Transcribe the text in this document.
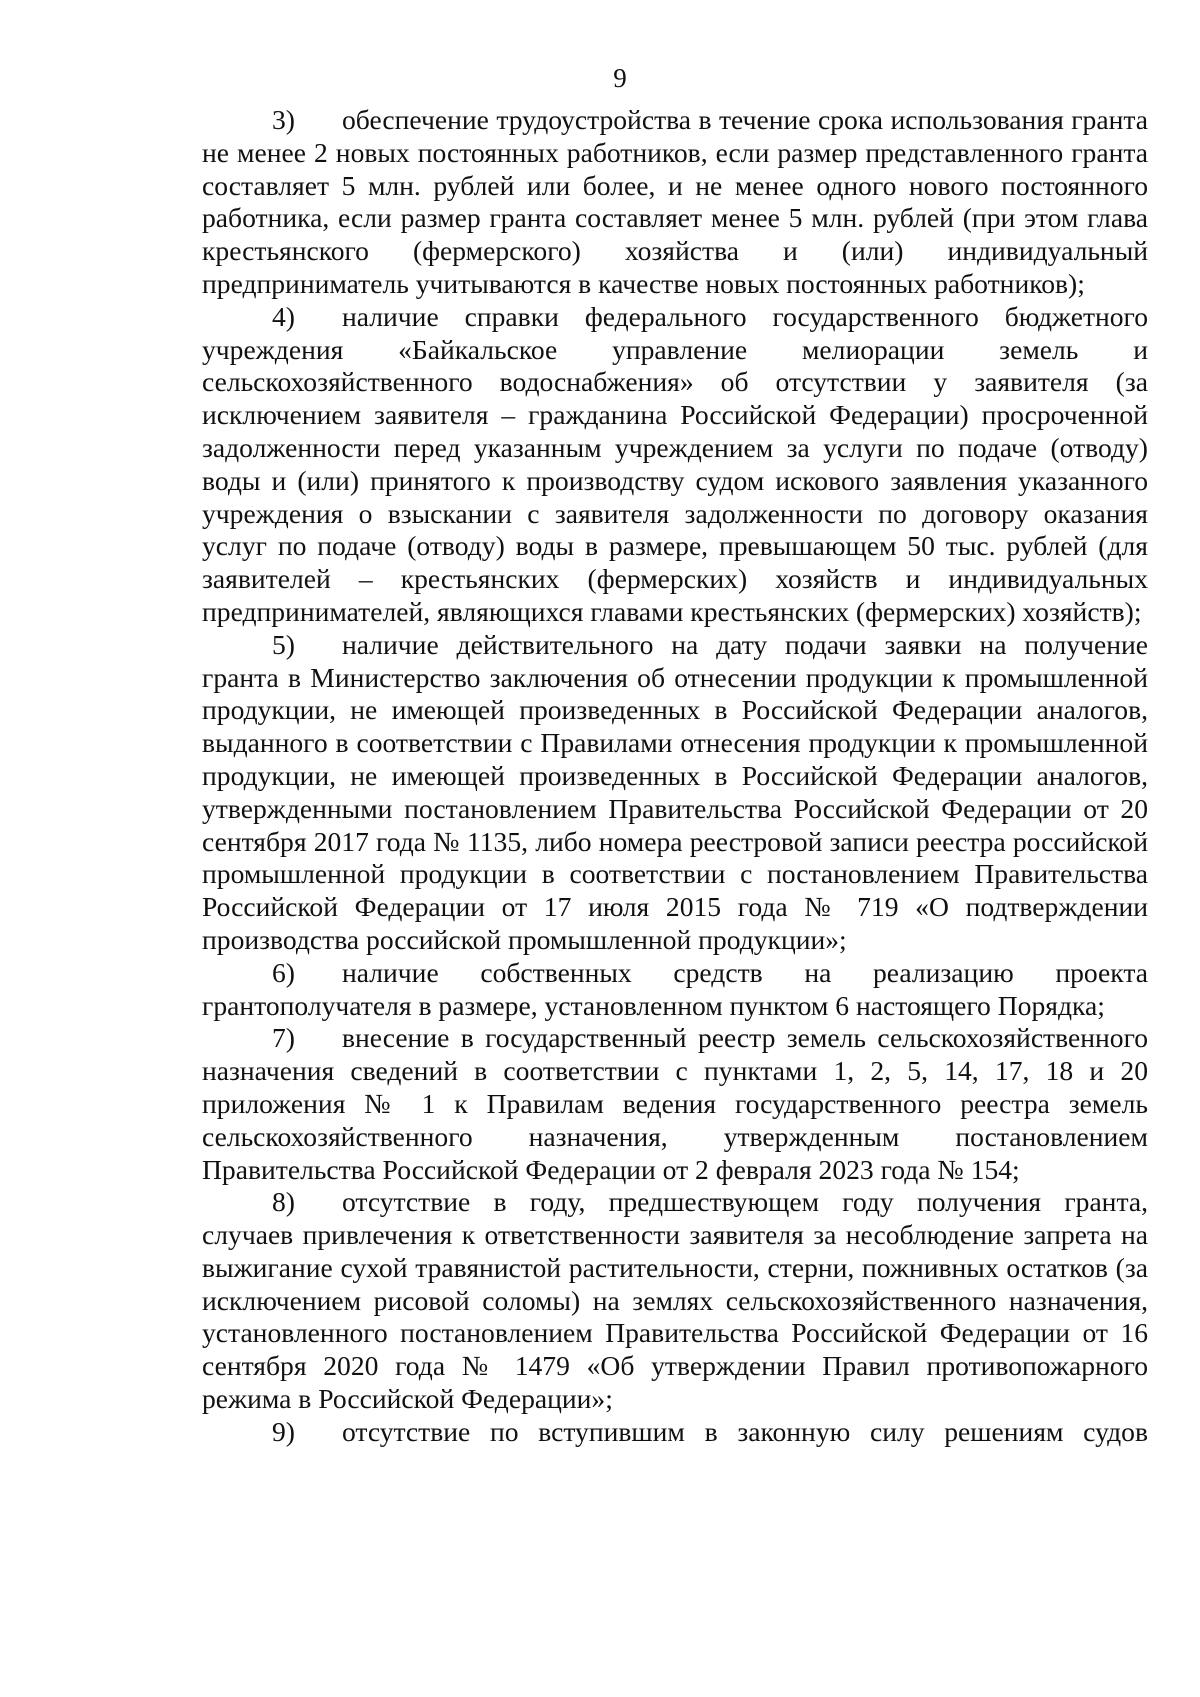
9

3) обеспечение трудоустройства в течение срока использования гранта не менее 2 новых постоянных работников, если размер представленного гранта составляет 5 млн. рублей или более, и не менее одного нового постоянного работника, если размер гранта составляет менее 5 млн. рублей (при этом глава крестьянского (фермерского) хозяйства и (или) индивидуальный предприниматель учитываются в качестве новых постоянных работников);

4) наличие справки федерального государственного бюджетного учреждения «Байкальское управление мелиорации земель и сельскохозяйственного водоснабжения» об отсутствии у заявителя (за исключением заявителя – гражданина Российской Федерации) просроченной задолженности перед указанным учреждением за услуги по подаче (отводу) воды и (или) принятого к производству судом искового заявления указанного учреждения о взыскании с заявителя задолженности по договору оказания услуг по подаче (отводу) воды в размере, превышающем 50 тыс. рублей (для заявителей – крестьянских (фермерских) хозяйств и индивидуальных предпринимателей, являющихся главами крестьянских (фермерских) хозяйств);

5) наличие действительного на дату подачи заявки на получение гранта в Министерство заключения об отнесении продукции к промышленной продукции, не имеющей произведенных в Российской Федерации аналогов, выданного в соответствии с Правилами отнесения продукции к промышленной продукции, не имеющей произведенных в Российской Федерации аналогов, утвержденными постановлением Правительства Российской Федерации от 20 сентября 2017 года № 1135, либо номера реестровой записи реестра российской промышленной продукции в соответствии с постановлением Правительства Российской Федерации от 17 июля 2015 года № 719 «О подтверждении производства российской промышленной продукции»;

6) наличие собственных средств на реализацию проекта грантополучателя в размере, установленном пунктом 6 настоящего Порядка;

7) внесение в государственный реестр земель сельскохозяйственного назначения сведений в соответствии с пунктами 1, 2, 5, 14, 17, 18 и 20 приложения № 1 к Правилам ведения государственного реестра земель сельскохозяйственного назначения, утвержденным постановлением Правительства Российской Федерации от 2 февраля 2023 года № 154;

8) отсутствие в году, предшествующем году получения гранта, случаев привлечения к ответственности заявителя за несоблюдение запрета на выжигание сухой травянистой растительности, стерни, пожнивных остатков (за исключением рисовой соломы) на землях сельскохозяйственного назначения, установленного постановлением Правительства Российской Федерации от 16 сентября 2020 года № 1479 «Об утверждении Правил противопожарного режима в Российской Федерации»;

9) отсутствие по вступившим в законную силу решениям судов
